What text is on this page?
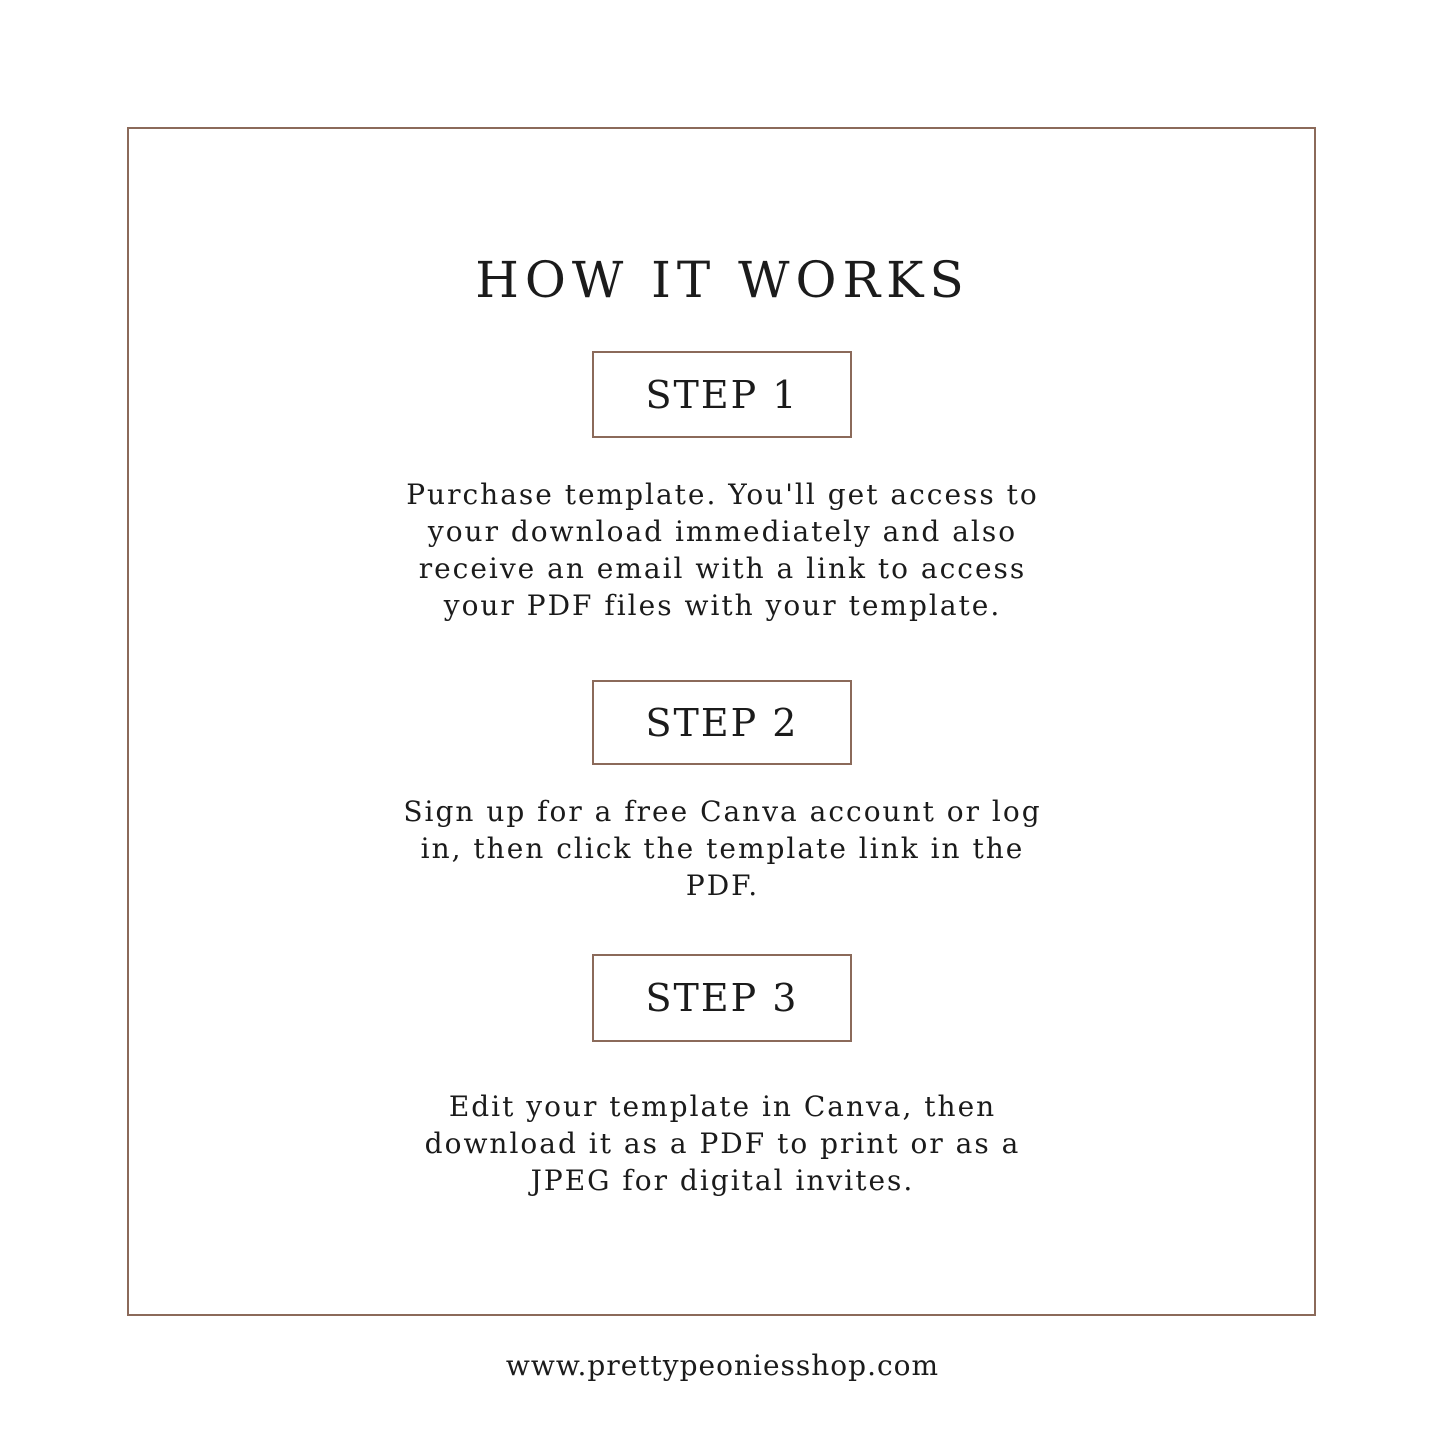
HOW IT WORKS
STEP 1

Purchase template. You'll get access to your download immediately and also receive an email with a link to access your PDF files with your template.

STEP 2

Sign up for a free Canva account or log in, then click the template link in the PDF.

STEP 3

Edit your template in Canva, then download it as a PDF to print or as a JPEG for digital invites.

www.prettypeoniesshop.com
